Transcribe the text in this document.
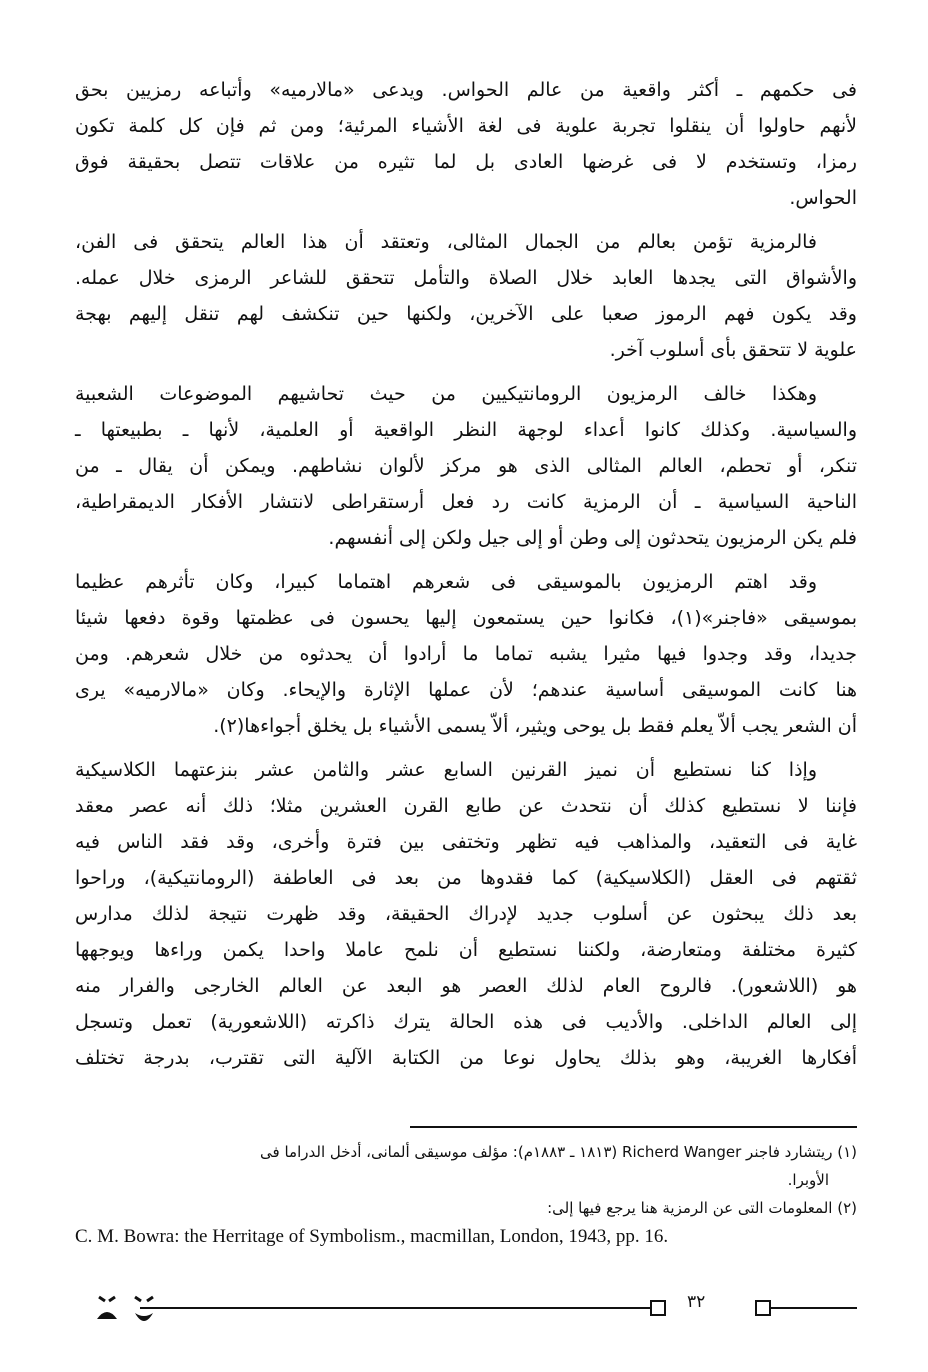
فى حكمهم ـ أكثر واقعية من عالم الحواس. ويدعى «مالارميه» وأتباعه رمزيين بحق
لأنهم حاولوا أن ينقلوا تجربة علوية فى لغة الأشياء المرئية؛ ومن ثم فإن كل كلمة تكون
رمزا، وتستخدم لا فى غرضها العادى بل لما تثيره من علاقات تتصل بحقيقة فوق
الحواس.
فالرمزية تؤمن بعالم من الجمال المثالى، وتعتقد أن هذا العالم يتحقق فى الفن،
والأشواق التى يجدها العابد خلال الصلاة والتأمل تتحقق للشاعر الرمزى خلال عمله.
وقد يكون فهم الرموز صعبا على الآخرين، ولكنها حين تنكشف لهم تنقل إليهم بهجة
علوية لا تتحقق بأى أسلوب آخر.
وهكذا خالف الرمزيون الرومانتيكيين من حيث تحاشيهم الموضوعات الشعبية
والسياسية. وكذلك كانوا أعداء لوجهة النظر الواقعية أو العلمية، لأنها ـ بطبيعتها ـ
تنكر، أو تحطم، العالم المثالى الذى هو مركز لألوان نشاطهم. ويمكن أن يقال ـ من
الناحية السياسية ـ أن الرمزية كانت رد فعل أرستقراطى لانتشار الأفكار الديمقراطية،
فلم يكن الرمزيون يتحدثون إلى وطن أو إلى جيل ولكن إلى أنفسهم.
وقد اهتم الرمزيون بالموسيقى فى شعرهم اهتماما كبيرا، وكان تأثرهم عظيما
بموسيقى «فاجنر»(١)، فكانوا حين يستمعون إليها يحسون فى عظمتها وقوة دفعها شيئا
جديدا، وقد وجدوا فيها مثيرا يشبه تماما ما أرادوا أن يحدثوه من خلال شعرهم. ومن
هنا كانت الموسيقى أساسية عندهم؛ لأن عملها الإثارة والإيحاء. وكان «مالارميه» يرى
أن الشعر يجب ألاّ يعلم فقط بل يوحى ويثير، ألاّ يسمى الأشياء بل يخلق أجواءها(٢).
وإذا كنا نستطيع أن نميز القرنين السابع عشر والثامن عشر بنزعتهما الكلاسيكية
فإننا لا نستطيع كذلك أن نتحدث عن طابع القرن العشرين مثلا؛ ذلك أنه عصر معقد
غاية فى التعقيد، والمذاهب فيه تظهر وتختفى بين فترة وأخرى، وقد فقد الناس فيه
ثقتهم فى العقل (الكلاسيكية) كما فقدوها من بعد فى العاطفة (الرومانتيكية)، وراحوا
بعد ذلك يبحثون عن أسلوب جديد لإدراك الحقيقة، وقد ظهرت نتيجة لذلك مدارس
كثيرة مختلفة ومتعارضة، ولكننا نستطيع أن نلمح عاملا واحدا يكمن وراءها ويوجهها
هو (اللاشعور). فالروح العام لذلك العصر هو البعد عن العالم الخارجى والفرار منه
إلى العالم الداخلى. والأديب فى هذه الحالة يترك ذاكرته (اللاشعورية) تعمل وتسجل
أفكارها الغريبة، وهو بذلك يحاول نوعا من الكتابة الآلية التى تقترب، بدرجة تختلف
(١) ريتشارد فاجنر Richerd Wanger (١٨١٣ ـ ١٨٨٣م): مؤلف موسيقى ألمانى، أدخل الدراما فى
الأوبرا.
(٢) المعلومات التى عن الرمزية هنا يرجع فيها إلى:
C. M. Bowra: the Herritage of Symbolism., macmillan, London, 1943, pp. 16.
٣٢
